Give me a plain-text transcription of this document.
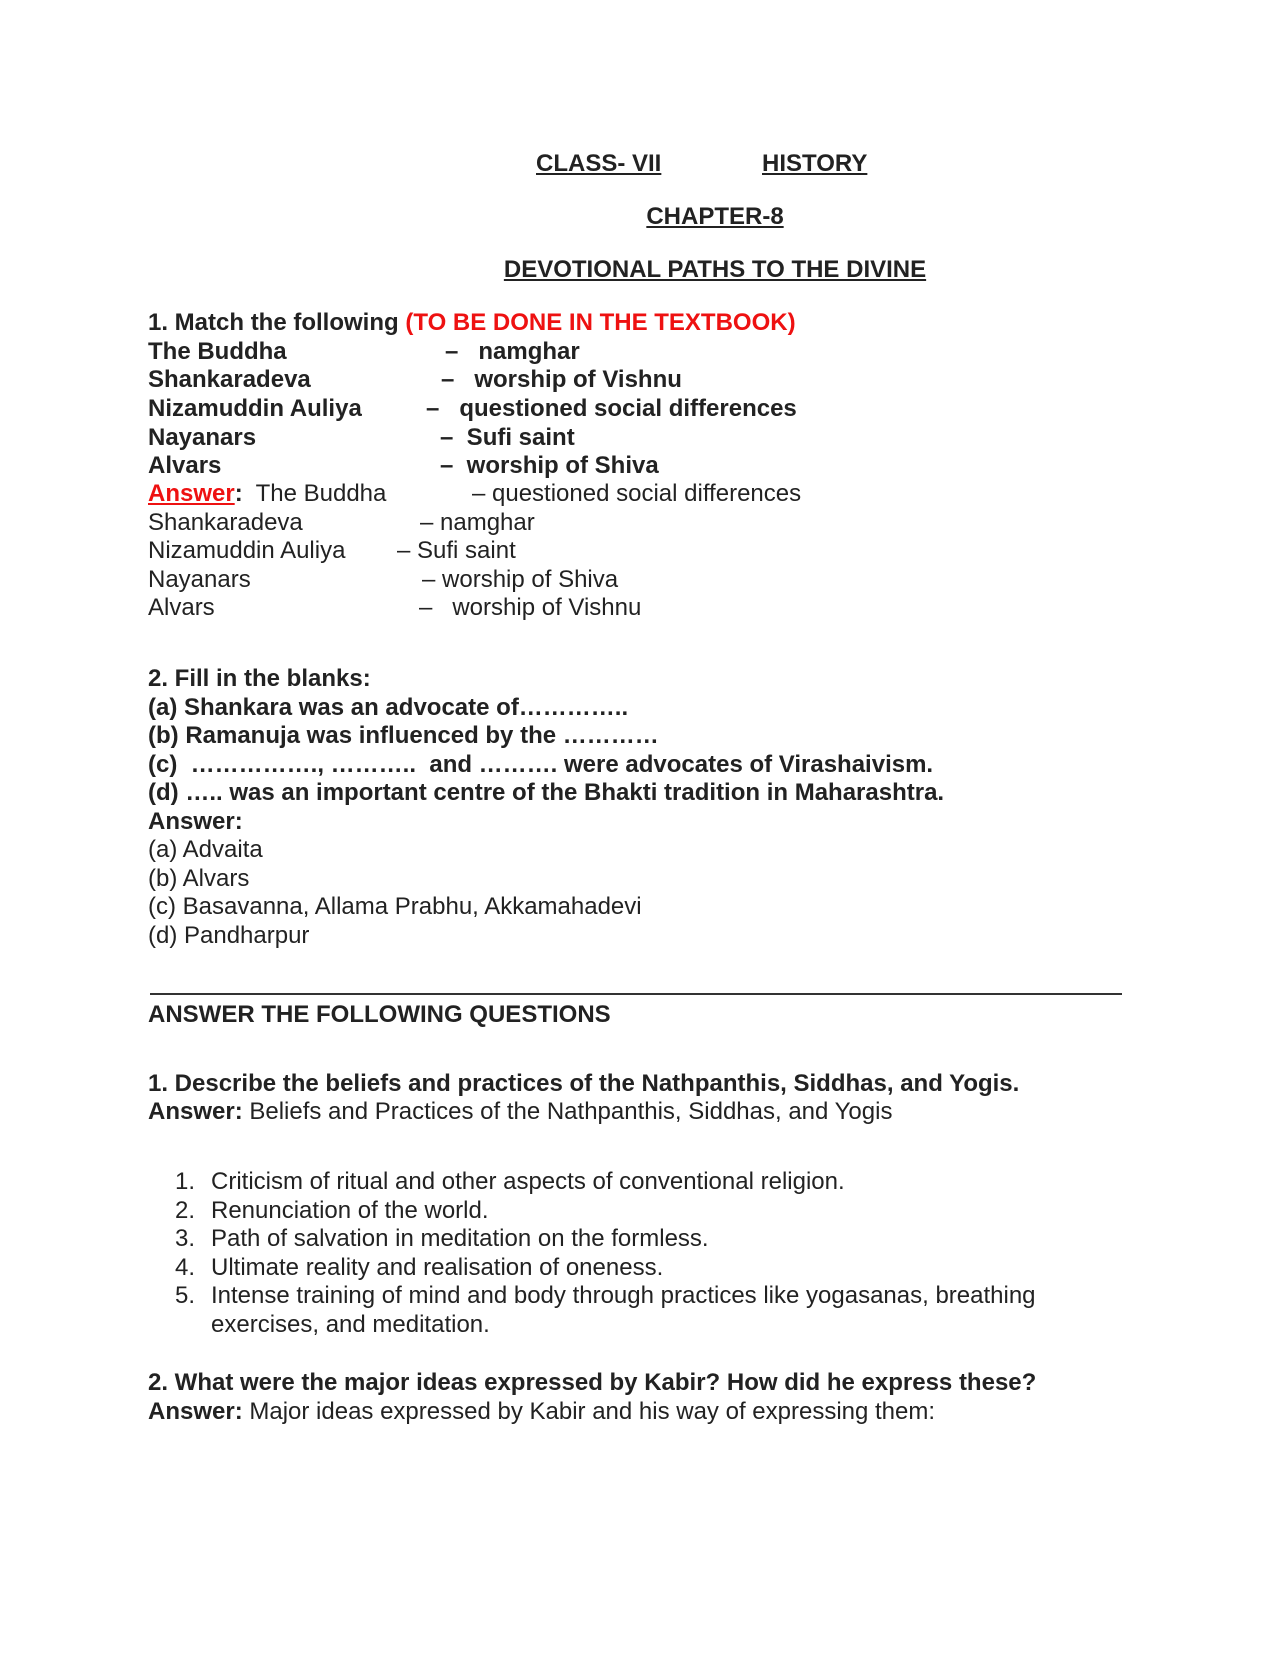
CLASS- VII	HISTORY
CHAPTER-8
DEVOTIONAL PATHS TO THE DIVINE
1. Match the following (TO BE DONE IN THE TEXTBOOK)
The Buddha	–   namghar
Shankaradeva	–   worship of Vishnu
Nizamuddin Auliya	–   questioned social differences
Nayanars	–  Sufi saint
Alvars	–  worship of Shiva
Answer: The Buddha	– questioned social differences
Shankaradeva	– namghar
Nizamuddin Auliya – Sufi saint
Nayanars	– worship of Shiva
Alvars	–   worship of Vishnu
2. Fill in the blanks:
(a) Shankara was an advocate of…………..
(b) Ramanuja was influenced by the …………
(c)  ……………., ………..  and ………. were advocates of Virashaivism.
(d) ….. was an important centre of the Bhakti tradition in Maharashtra.
Answer:
(a) Advaita
(b) Alvars
(c) Basavanna, Allama Prabhu, Akkamahadevi
(d) Pandharpur
ANSWER THE FOLLOWING QUESTIONS
1. Describe the beliefs and practices of the Nathpanthis, Siddhas, and Yogis.
Answer: Beliefs and Practices of the Nathpanthis, Siddhas, and Yogis
1. Criticism of ritual and other aspects of conventional religion.
2. Renunciation of the world.
3. Path of salvation in meditation on the formless.
4. Ultimate reality and realisation of oneness.
5. Intense training of mind and body through practices like yogasanas, breathing
exercises, and meditation.
2. What were the major ideas expressed by Kabir? How did he express these?
Answer: Major ideas expressed by Kabir and his way of expressing them:
